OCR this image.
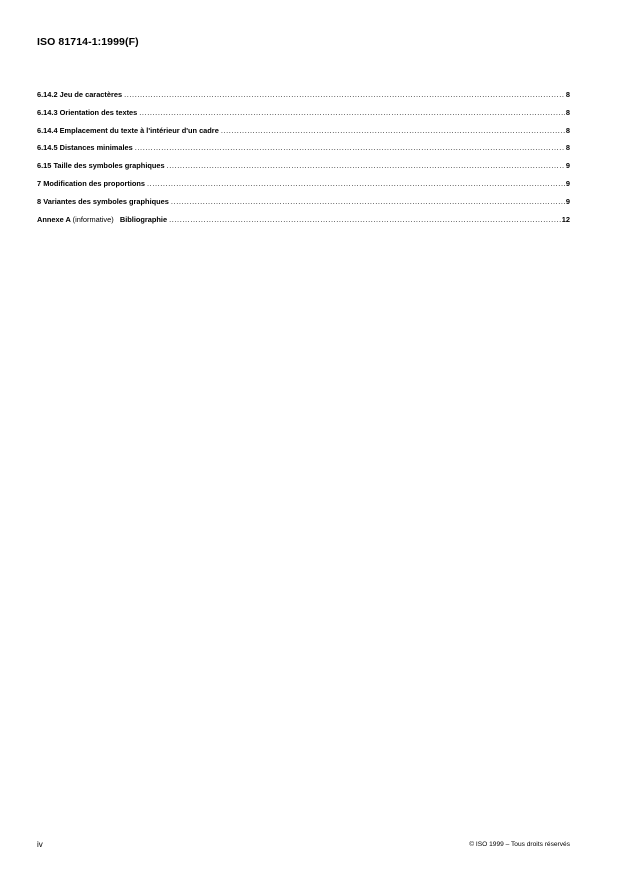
ISO 81714-1:1999(F)
6.14.2 Jeu de caractères .....	8
6.14.3 Orientation des textes .....	8
6.14.4 Emplacement du texte à l'intérieur d'un cadre .....	8
6.14.5 Distances minimales .....	8
6.15 Taille des symboles graphiques .....	9
7 Modification des proportions .....	9
8 Variantes des symboles graphiques .....	9
Annexe A (informative) Bibliographie .....	12
iv	© ISO 1999 – Tous droits réservés
